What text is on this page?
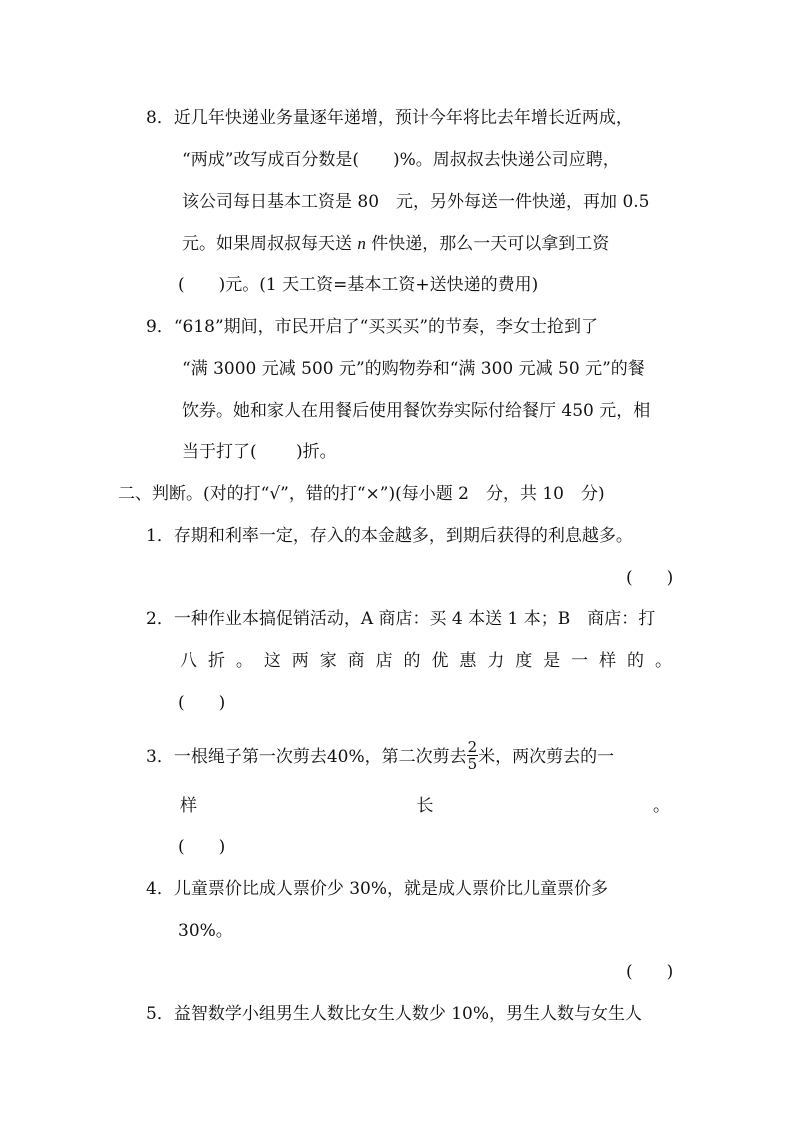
8．近几年快递业务量逐年递增，预计今年将比去年增长近两成，
“两成”改写成百分数是(　　)%。周叔叔去快递公司应聘，
该公司每日基本工资是 80　元，另外每送一件快递，再加 0.5
元。如果周叔叔每天送 n 件快递，那么一天可以拿到工资
(　　)元。(1 天工资=基本工资+送快递的费用)
9．“618”期间，市民开启了“买买买”的节奏，李女士抢到了
“满 3000 元减 500 元”的购物券和“满 300 元减 50 元”的餐
饮券。她和家人在用餐后使用餐饮券实际付给餐厅 450 元，相
当于打了(　　 )折。
二、判断。(对的打“√”，错的打“×”)(每小题 2　分，共 10　分)
1．存期和利率一定，存入的本金越多，到期后获得的利息越多。
(　　)
2．一种作业本搞促销活动，A 商店：买 4 本送 1 本；B　商店：打
八 折 。 这 两 家 商 店 的 优 惠 力 度 是 一 样 的 。
(　　)
3．一根绳子第一次剪去40%，第二次剪去 $\frac{2}{5}$ 米，两次剪去的一
样	长	。
(　　)
4．儿童票价比成人票价少 30%，就是成人票价比儿童票价多
30%。
(　　)
5．益智数学小组男生人数比女生人数少 10%，男生人数与女生人
